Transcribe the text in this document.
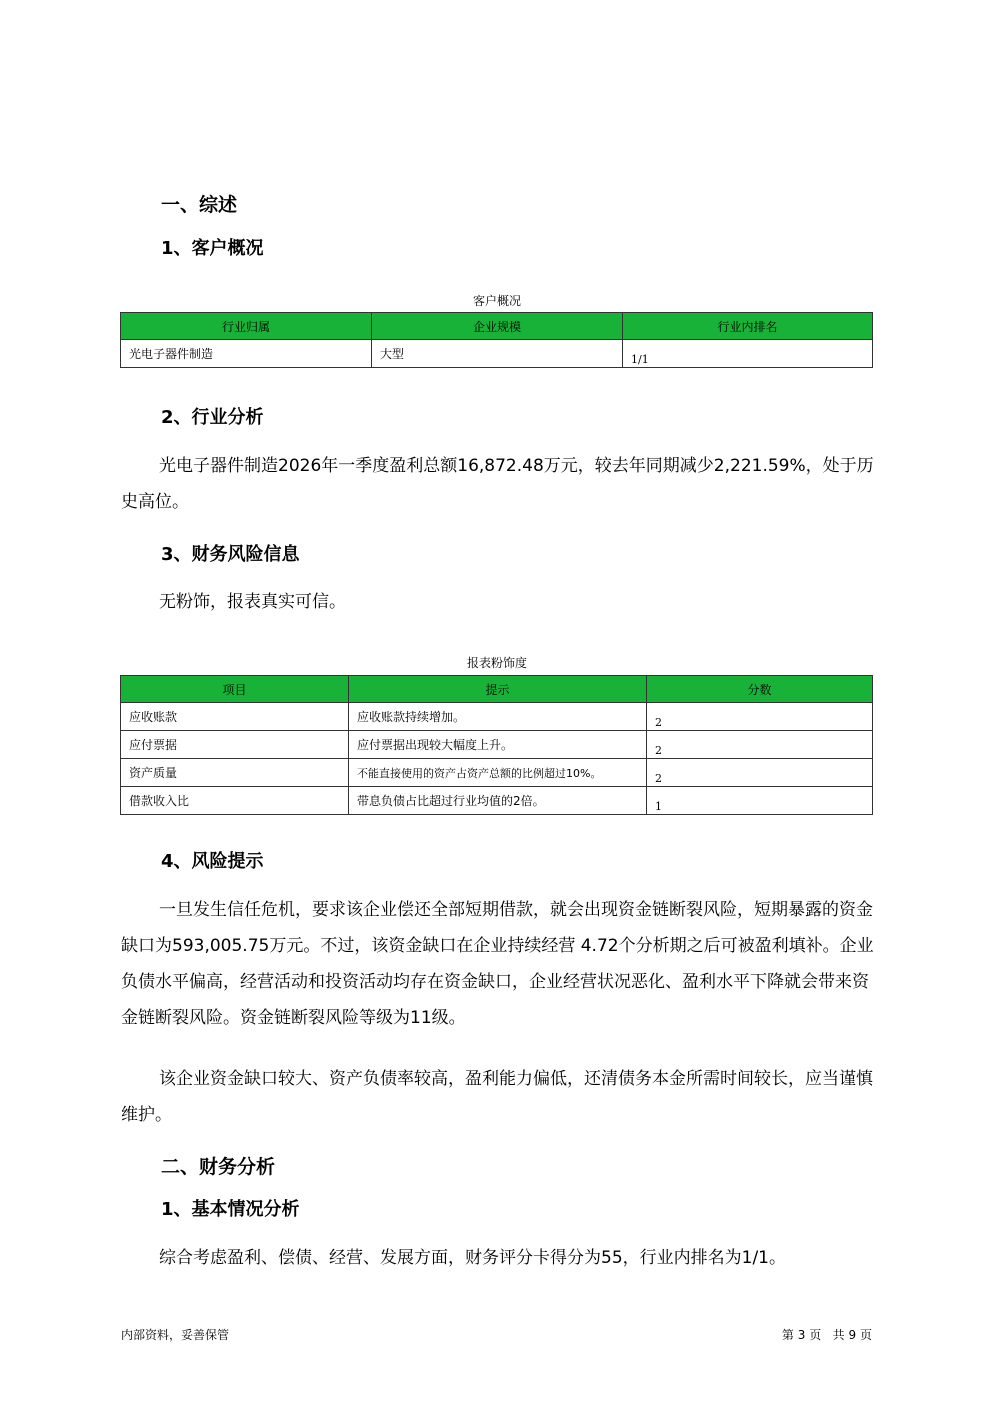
一、综述
1、客户概况
客户概况
行业归属	企业规模	行业内排名
光电子器件制造	大型	1/1
2、行业分析
光电子器件制造2026年一季度盈利总额16,872.48万元，较去年同期减少2,221.59%，处于历史高位。
3、财务风险信息
无粉饰，报表真实可信。
报表粉饰度
项目	提示	分数
应收账款	应收账款持续增加。	2
应付票据	应付票据出现较大幅度上升。	2
资产质量	不能直接使用的资产占资产总额的比例超过10%。	2
借款收入比	带息负债占比超过行业均值的2倍。	1
4、风险提示
一旦发生信任危机，要求该企业偿还全部短期借款，就会出现资金链断裂风险，短期暴露的资金缺口为593,005.75万元。不过，该资金缺口在企业持续经营 4.72个分析期之后可被盈利填补。企业负债水平偏高，经营活动和投资活动均存在资金缺口，企业经营状况恶化、盈利水平下降就会带来资金链断裂风险。资金链断裂风险等级为11级。
该企业资金缺口较大、资产负债率较高，盈利能力偏低，还清债务本金所需时间较长，应当谨慎维护。
二、财务分析
1、基本情况分析
综合考虑盈利、偿债、经营、发展方面，财务评分卡得分为55，行业内排名为1/1。
内部资料，妥善保管	第 3 页 共 9 页
